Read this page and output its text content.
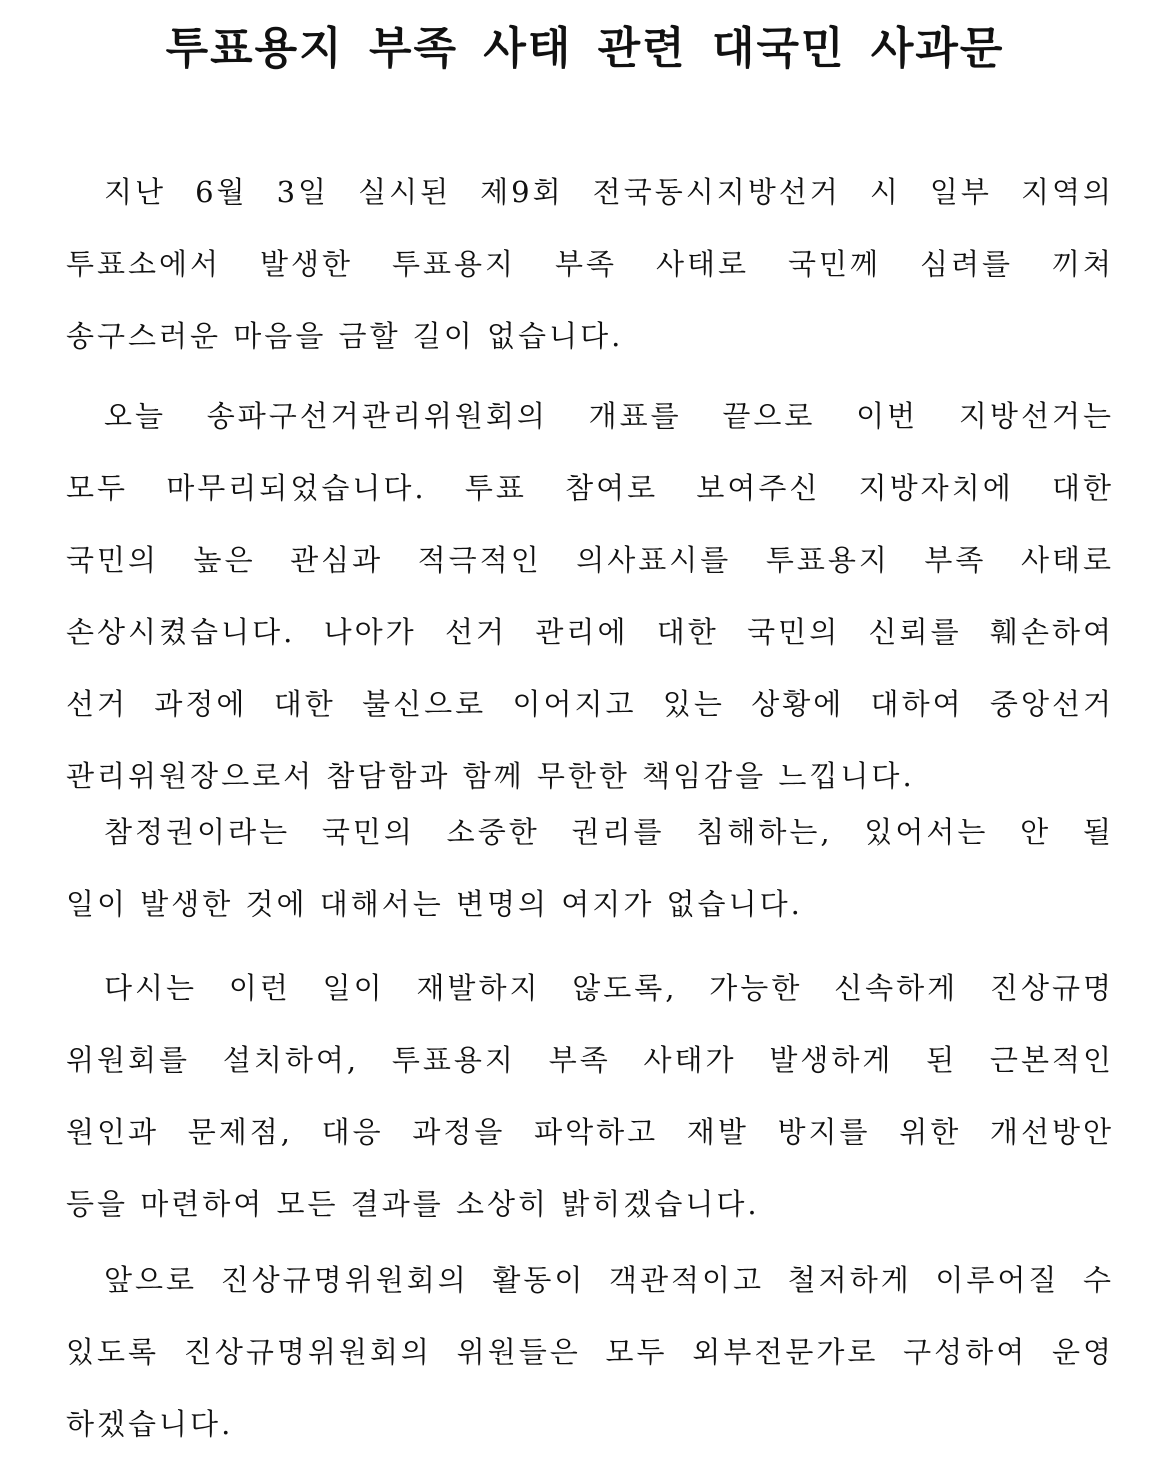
투표용지 부족 사태 관련 대국민 사과문
지난 6월 3일 실시된 제9회 전국동시지방선거 시 일부 지역의
투표소에서 발생한 투표용지 부족 사태로 국민께 심려를 끼쳐
송구스러운 마음을 금할 길이 없습니다.
오늘 송파구선거관리위원회의 개표를 끝으로 이번 지방선거는
모두 마무리되었습니다. 투표 참여로 보여주신 지방자치에 대한
국민의 높은 관심과 적극적인 의사표시를 투표용지 부족 사태로
손상시켰습니다. 나아가 선거 관리에 대한 국민의 신뢰를 훼손하여
선거 과정에 대한 불신으로 이어지고 있는 상황에 대하여 중앙선거
관리위원장으로서 참담함과 함께 무한한 책임감을 느낍니다.
참정권이라는 국민의 소중한 권리를 침해하는, 있어서는 안 될
일이 발생한 것에 대해서는 변명의 여지가 없습니다.
다시는 이런 일이 재발하지 않도록, 가능한 신속하게 진상규명
위원회를 설치하여, 투표용지 부족 사태가 발생하게 된 근본적인
원인과 문제점, 대응 과정을 파악하고 재발 방지를 위한 개선방안
등을 마련하여 모든 결과를 소상히 밝히겠습니다.
앞으로 진상규명위원회의 활동이 객관적이고 철저하게 이루어질 수
있도록 진상규명위원회의 위원들은 모두 외부전문가로 구성하여 운영
하겠습니다.
